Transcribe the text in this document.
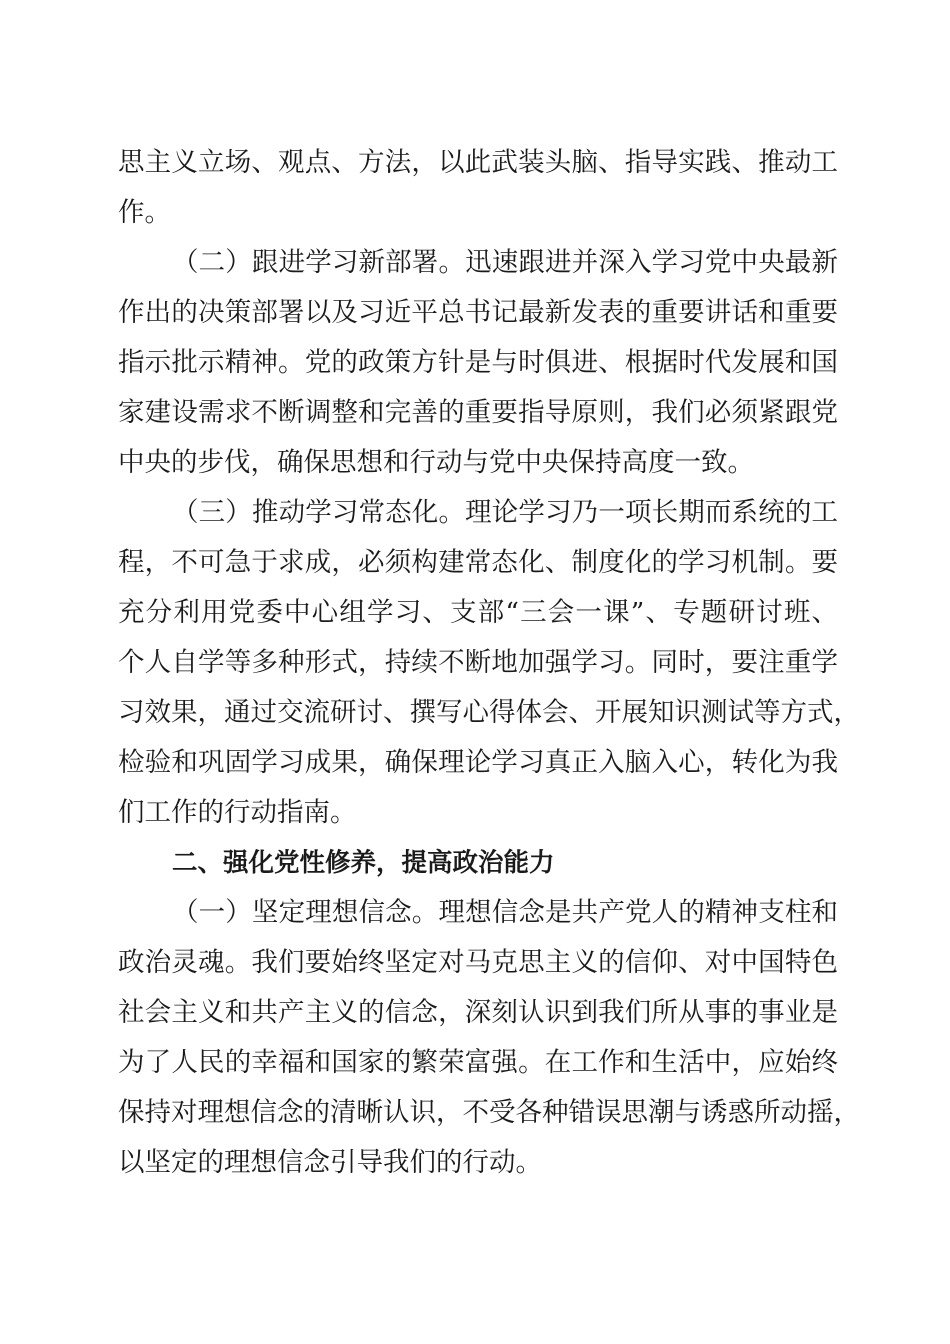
思主义立场、观点、方法，以此武装头脑、指导实践、推动工
作。
（二）跟进学习新部署。迅速跟进并深入学习党中央最新
作出的决策部署以及习近平总书记最新发表的重要讲话和重要
指示批示精神。党的政策方针是与时俱进、根据时代发展和国
家建设需求不断调整和完善的重要指导原则，我们必须紧跟党
中央的步伐，确保思想和行动与党中央保持高度一致。
（三）推动学习常态化。理论学习乃一项长期而系统的工
程，不可急于求成，必须构建常态化、制度化的学习机制。要
充分利用党委中心组学习、支部“三会一课”、专题研讨班、
个人自学等多种形式，持续不断地加强学习。同时，要注重学
习效果，通过交流研讨、撰写心得体会、开展知识测试等方式，
检验和巩固学习成果，确保理论学习真正入脑入心，转化为我
们工作的行动指南。
二、强化党性修养，提高政治能力
（一）坚定理想信念。理想信念是共产党人的精神支柱和
政治灵魂。我们要始终坚定对马克思主义的信仰、对中国特色
社会主义和共产主义的信念，深刻认识到我们所从事的事业是
为了人民的幸福和国家的繁荣富强。在工作和生活中，应始终
保持对理想信念的清晰认识，不受各种错误思潮与诱惑所动摇，
以坚定的理想信念引导我们的行动。
